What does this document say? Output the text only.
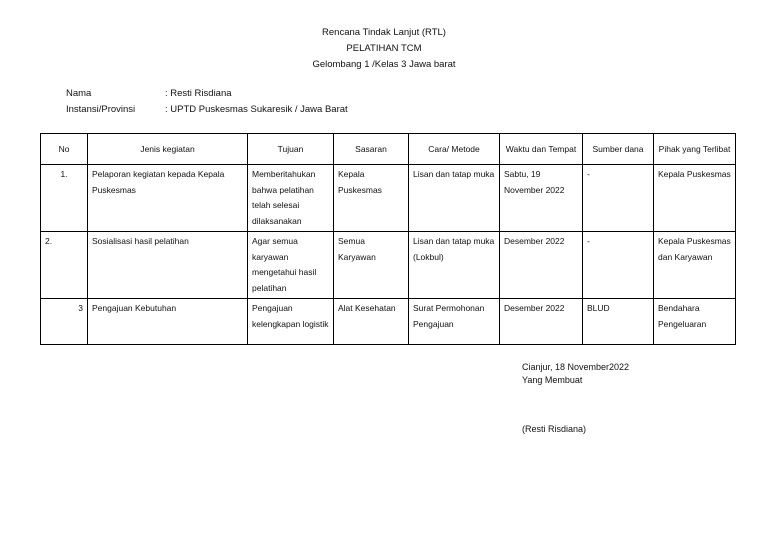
Rencana Tindak Lanjut (RTL)
PELATIHAN TCM
Gelombang 1 /Kelas 3 Jawa barat
Nama	: Resti Risdiana
Instansi/Provinsi	: UPTD Puskesmas Sukaresik / Jawa Barat
No	Jenis kegiatan	Tujuan	Sasaran	Cara/ Metode	Waktu dan Tempat	Sumber dana	Pihak yang Terlibat
1.	Pelaporan kegiatan kepada Kepala Puskesmas	Memberitahukan bahwa pelatihan telah selesai dilaksanakan	Kepala Puskesmas	Lisan dan tatap muka	Sabtu, 19 November 2022	-	Kepala Puskesmas
2.	Sosialisasi hasil pelatihan	Agar semua karyawan mengetahui hasil pelatihan	Semua Karyawan	Lisan dan tatap muka (Lokbul)	Desember 2022	-	Kepala Puskesmas dan Karyawan
3	Pengajuan Kebutuhan	Pengajuan kelengkapan logistik	Alat Kesehatan	Surat Permohonan Pengajuan	Desember 2022	BLUD	Bendahara Pengeluaran
Cianjur, 18 November2022
Yang Membuat
(Resti Risdiana)
